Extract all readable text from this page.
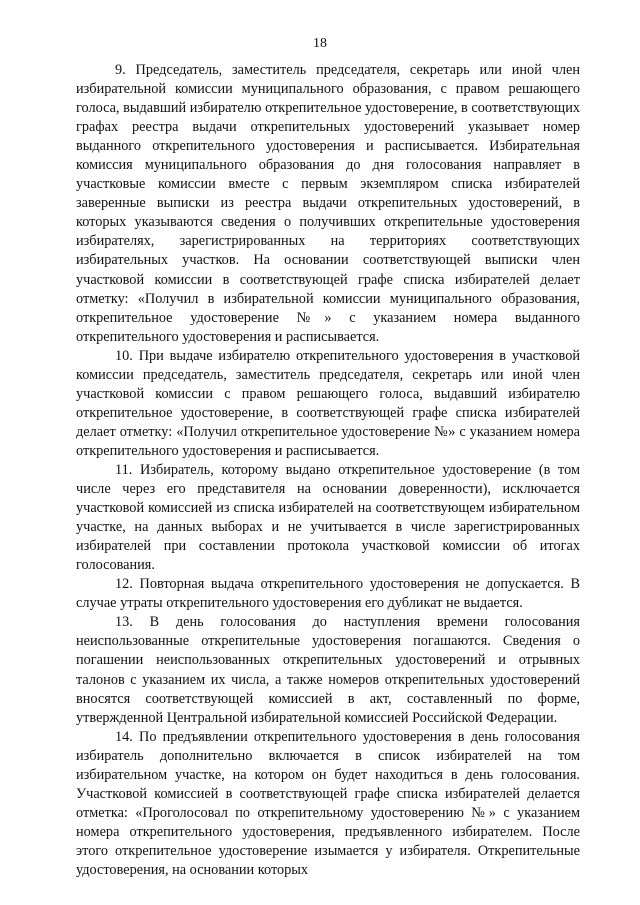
18

9. Председатель, заместитель председателя, секретарь или иной член избирательной комиссии муниципального образования, с правом решающего голоса, выдавший избирателю открепительное удостоверение, в соответствующих графах реестра выдачи открепительных удостоверений указывает номер выданного открепительного удостоверения и расписывается. Избирательная комиссия муниципального образования до дня голосования направляет в участковые комиссии вместе с первым экземпляром списка избирателей заверенные выписки из реестра выдачи открепительных удостоверений, в которых указываются сведения о получивших открепительные удостоверения избирателях, зарегистрированных на территориях соответствующих избирательных участков. На основании соответствующей выписки член участковой комиссии в соответствующей графе списка избирателей делает отметку: «Получил в избирательной комиссии муниципального образования, открепительное удостоверение №» с указанием номера выданного открепительного удостоверения и расписывается.

10. При выдаче избирателю открепительного удостоверения в участковой комиссии председатель, заместитель председателя, секретарь или иной член участковой комиссии с правом решающего голоса, выдавший избирателю открепительное удостоверение, в соответствующей графе списка избирателей делает отметку: «Получил открепительное удостоверение №» с указанием номера открепительного удостоверения и расписывается.

11. Избиратель, которому выдано открепительное удостоверение (в том числе через его представителя на основании доверенности), исключается участковой комиссией из списка избирателей на соответствующем избирательном участке, на данных выборах и не учитывается в числе зарегистрированных избирателей при составлении протокола участковой комиссии об итогах голосования.

12. Повторная выдача открепительного удостоверения не допускается. В случае утраты открепительного удостоверения его дубликат не выдается.

13. В день голосования до наступления времени голосования неиспользованные открепительные удостоверения погашаются. Сведения о погашении неиспользованных открепительных удостоверений и отрывных талонов с указанием их числа, а также номеров открепительных удостоверений вносятся соответствующей комиссией в акт, составленный по форме, утвержденной Центральной избирательной комиссией Российской Федерации.

14. По предъявлении открепительного удостоверения в день голосования избиратель дополнительно включается в список избирателей на том избирательном участке, на котором он будет находиться в день голосования. Участковой комиссией в соответствующей графе списка избирателей делается отметка: «Проголосовал по открепительному удостоверению №» с указанием номера открепительного удостоверения, предъявленного избирателем. После этого открепительное удостоверение изымается у избирателя. Открепительные удостоверения, на основании которых
